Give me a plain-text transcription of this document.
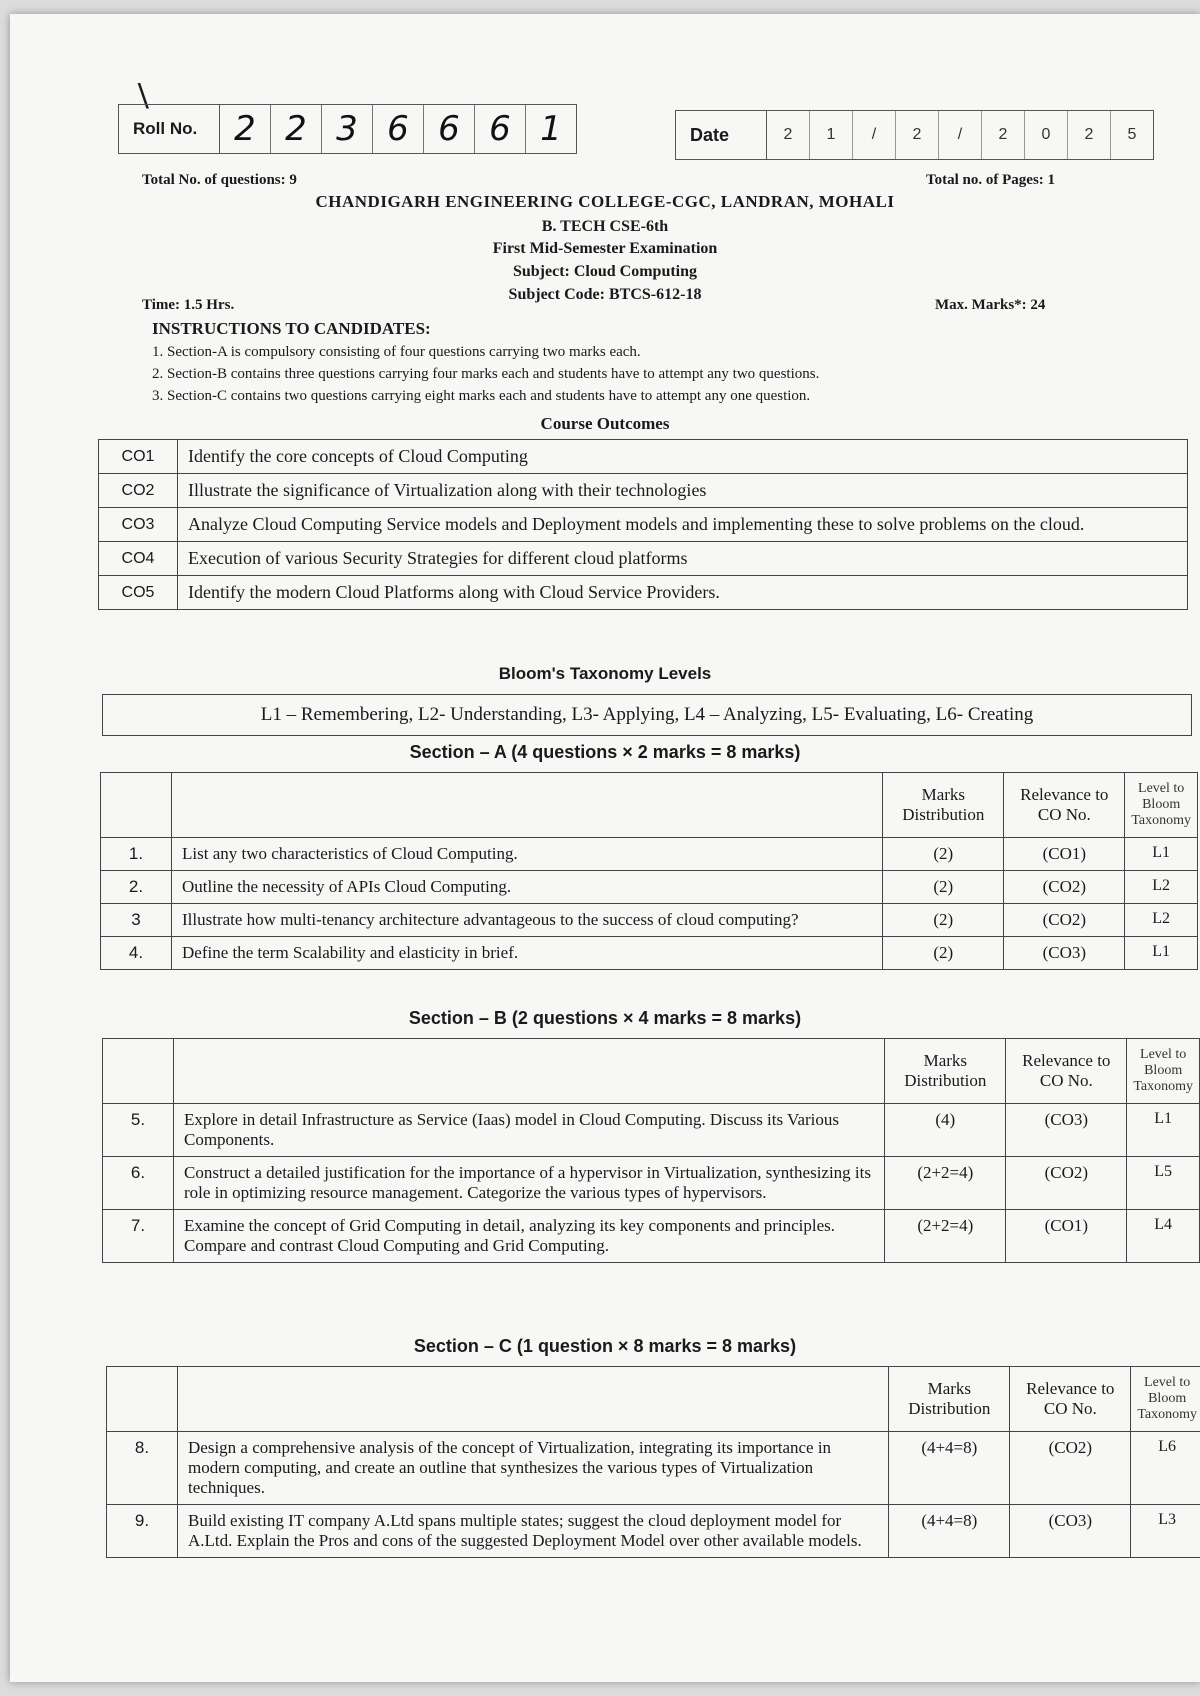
\
Roll No.	2 2 3 6 6 6 1	Date	2	1	/	2	/	2	0	2	5
Total No. of questions: 9	Total no. of Pages: 1
CHANDIGARH ENGINEERING COLLEGE-CGC, LANDRAN, MOHALI
B. TECH CSE-6th
First Mid-Semester Examination
Subject: Cloud Computing
Subject Code: BTCS-612-18
Time: 1.5 Hrs.	Max. Marks*: 24
INSTRUCTIONS TO CANDIDATES:
1. Section-A is compulsory consisting of four questions carrying two marks each.
2. Section-B contains three questions carrying four marks each and students have to attempt any two questions.
3. Section-C contains two questions carrying eight marks each and students have to attempt any one question.
Course Outcomes
CO1	Identify the core concepts of Cloud Computing
CO2	Illustrate the significance of Virtualization along with their technologies
CO3	Analyze Cloud Computing Service models and Deployment models and implementing these to solve problems on the cloud.
CO4	Execution of various Security Strategies for different cloud platforms
CO5	Identify the modern Cloud Platforms along with Cloud Service Providers.
Bloom's Taxonomy Levels
L1 – Remembering, L2- Understanding, L3- Applying, L4 – Analyzing, L5- Evaluating, L6- Creating
Section – A (4 questions × 2 marks = 8 marks)
		Marks Distribution	Relevance to CO No.	Level to Bloom Taxonomy
1.	List any two characteristics of Cloud Computing.	(2)	(CO1)	L1
2.	Outline the necessity of APIs Cloud Computing.	(2)	(CO2)	L2
3	Illustrate how multi-tenancy architecture advantageous to the success of cloud computing?	(2)	(CO2)	L2
4.	Define the term Scalability and elasticity in brief.	(2)	(CO3)	L1
Section – B (2 questions × 4 marks = 8 marks)
		Marks Distribution	Relevance to CO No.	Level to Bloom Taxonomy
5.	Explore in detail Infrastructure as Service (Iaas) model in Cloud Computing. Discuss its Various Components.	(4)	(CO3)	L1
6.	Construct a detailed justification for the importance of a hypervisor in Virtualization, synthesizing its role in optimizing resource management. Categorize the various types of hypervisors.	(2+2=4)	(CO2)	L5
7.	Examine the concept of Grid Computing in detail, analyzing its key components and principles. Compare and contrast Cloud Computing and Grid Computing.	(2+2=4)	(CO1)	L4
Section – C (1 question × 8 marks = 8 marks)
		Marks Distribution	Relevance to CO No.	Level to Bloom Taxonomy
8.	Design a comprehensive analysis of the concept of Virtualization, integrating its importance in modern computing, and create an outline that synthesizes the various types of Virtualization techniques.	(4+4=8)	(CO2)	L6
9.	Build existing IT company A.Ltd spans multiple states; suggest the cloud deployment model for A.Ltd. Explain the Pros and cons of the suggested Deployment Model over other available models.	(4+4=8)	(CO3)	L3
